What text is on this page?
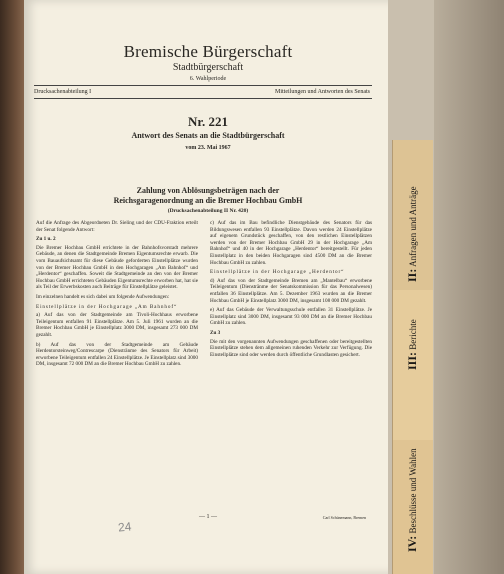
Bremische Bürgerschaft
Stadtbürgerschaft
6. Wahlperiode
Drucksachenabteilung I	Mitteilungen und Antworten des Senats
Nr. 221
Antwort des Senats an die Stadtbürgerschaft
vom 23. Mai 1967
Zahlung von Ablösungsbeträgen nach der Reichsgaragenordnung an die Bremer Hochbau GmbH
(Drucksachenabteilung II Nr. 420)

Auf die Anfrage des Abgeordneten Dr. Sieling und der CDU-Fraktion erteilt der Senat folgende Antwort:

Zu 1 u. 2

Die Bremer Hochbau GmbH errichtete in der Bahnhofsvorstadt mehrere Gebäude, an denen die Stadtgemeinde Bremen Eigentumsrechte erwarb. Die vom Bauaufsichtsamt für diese Gebäude geforderten Einstellplätze wurden von der Bremer Hochbau GmbH in den Hochgaragen „Am Bahnhof“ und „Herdentor“ geschaffen. Soweit die Stadtgemeinde an den von der Bremer Hochbau GmbH errichteten Gebäuden Eigentumsrechte erworben hat, hat sie als Teil der Erwerbskosten auch Beiträge für Einstellplätze geleistet.

Im einzelnen handelt es sich dabei um folgende Aufwendungen:

Einstellplätze in der Hochgarage „Am Bahnhof“

a) Auf das von der Stadtgemeinde am Tivoli-Hochhaus erworbene Teileigentum entfallen 91 Einstellplätze. Am 5. Juli 1961 wurden an die Bremer Hochbau GmbH je Einstellplatz 3000 DM, insgesamt 273 000 DM gezahlt.

b) Auf das von der Stadtgemeinde am Gebäude Herdentorsteinweg/Contrescarpe (Dienstränme des Senators für Arbeit) erworbene Teileigentum entfallen 24 Einstellplätze. Je Einstellplatz sind 3000 DM, insgesamt 72 000 DM an die Bremer Hochbau GmbH zu zahlen.

c) Auf das im Bau befindliche Dienstgebäude des Senators für das Bildungswesen entfallen 93 Einstellplätze. Davon werden 24 Einstellplätze auf eigenem Grundstück geschaffen, von den restlichen Einstellplätzen werden von der Bremer Hochbau GmbH 29 in der Hochgarage „Am Bahnhof“ und 40 in der Hochgarage „Herdentor“ bereitgestellt. Für jeden Einstellplatz in den beiden Hochgaragen sind 4500 DM an die Bremer Hochbau GmbH zu zahlen.

Einstellplätze in der Hochgarage „Herdentor“

d) Auf das von der Stadtgemeinde Bremen am „Mantelbau“ erworbene Teileigentum (Dienstränme der Senatskommission für das Personalwesen) entfallen 36 Einstellplätze. Am 5. Dezember 1963 wurden an die Bremer Hochbau GmbH je Einstellplatz 3000 DM, insgesamt 108 000 DM gezahlt.

e) Auf das Gebäude der Verwaltungsschule entfallen 31 Einstellplätze. Je Einstellplatz sind 3000 DM, insgesamt 93 000 DM an die Bremer Hochbau GmbH zu zahlen.

Zu 3

Die mit den vorgenannten Aufwendungen geschaffenen oder bereitgestellten Einstellplätze stehen dem allgemeinen ruhenden Verkehr zur Verfügung. Die Einstellplätze sind oder werden durch öffentliche Grundlasten gesichert.

— 1 —	Carl Schünemann, Bremen
24
II: Anfragen und Anträge
III: Berichte
IV: Beschlüsse und Wahlen
